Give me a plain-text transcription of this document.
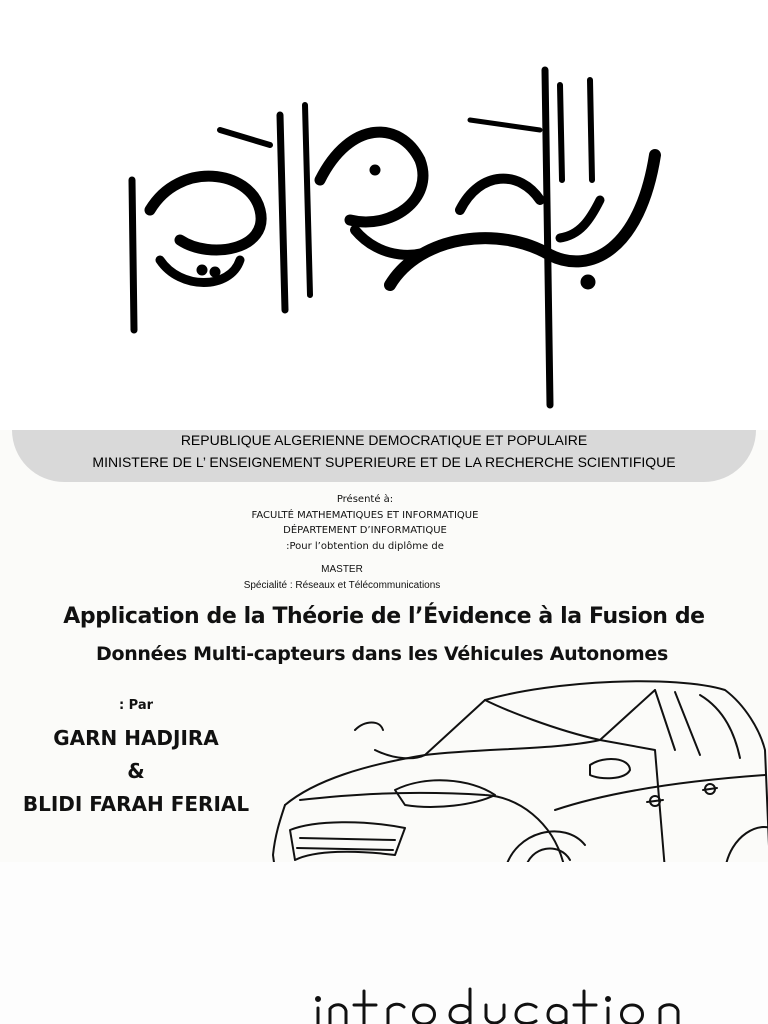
REPUBLIQUE ALGERIENNE DEMOCRATIQUE ET POPULAIRE
MINISTERE DE L’ ENSEIGNEMENT SUPERIEURE ET DE LA RECHERCHE SCIENTIFIQUE
Présenté à:
FACULTÉ MATHEMATIQUES ET INFORMATIQUE
DÉPARTEMENT D’INFORMATIQUE
:Pour l’obtention du diplôme de
MASTER
Spécialité : Réseaux et Télécommunications
Application de la Théorie de l’Évidence à la Fusion de
Données Multi-capteurs dans les Véhicules Autonomes
: Par
GARN HADJIRA
&
BLIDI FARAH FERIAL
